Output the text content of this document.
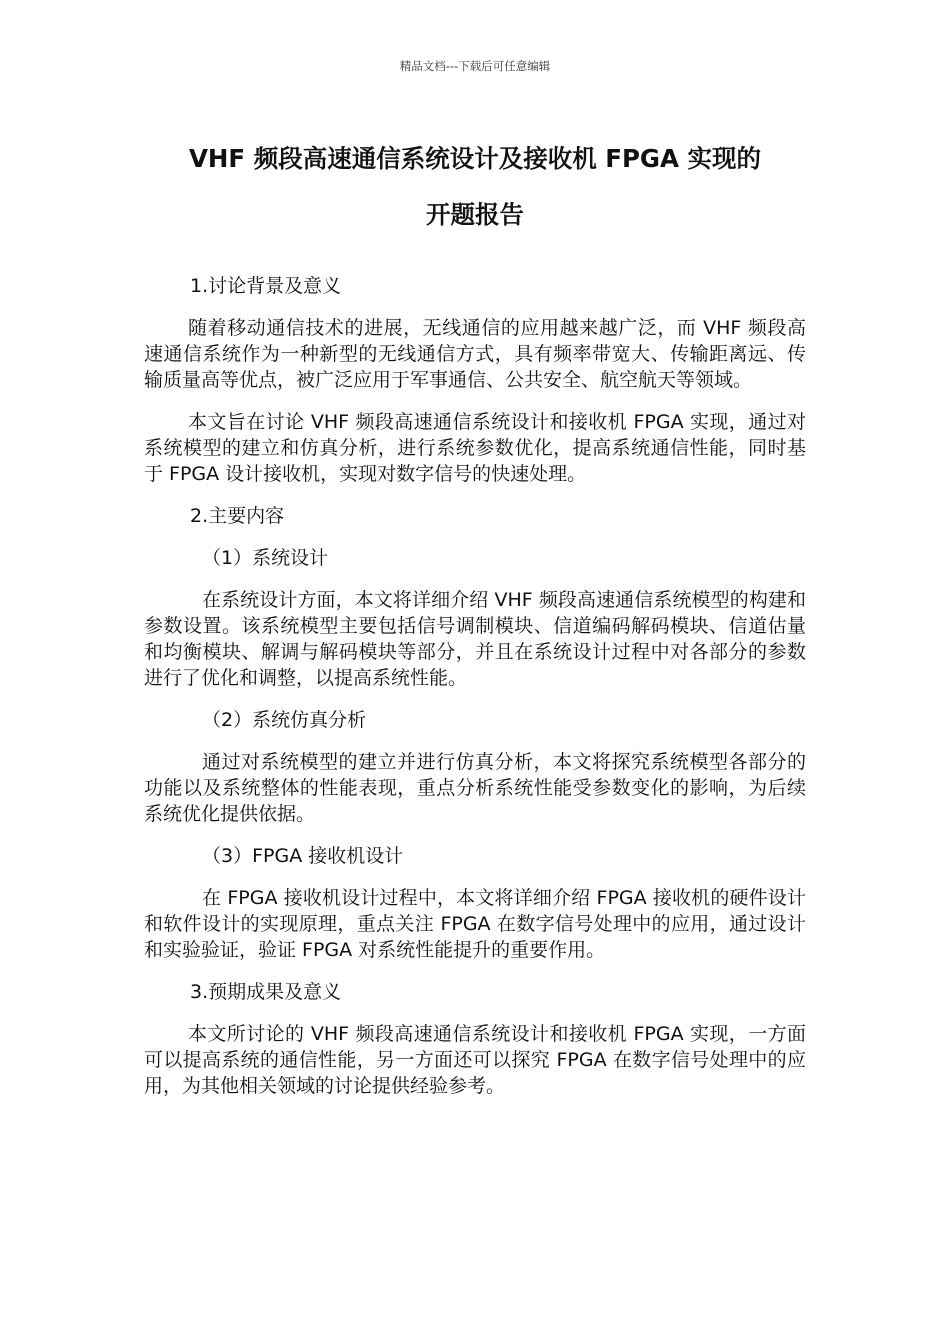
精品文档---下载后可任意编辑
VHF 频段高速通信系统设计及接收机 FPGA 实现的
开题报告

1.讨论背景及意义

随着移动通信技术的进展，无线通信的应用越来越广泛，而 VHF 频段高速通信系统作为一种新型的无线通信方式，具有频率带宽大、传输距离远、传输质量高等优点，被广泛应用于军事通信、公共安全、航空航天等领域。

本文旨在讨论 VHF 频段高速通信系统设计和接收机 FPGA 实现，通过对系统模型的建立和仿真分析，进行系统参数优化，提高系统通信性能，同时基于 FPGA 设计接收机，实现对数字信号的快速处理。

2.主要内容

（1）系统设计

在系统设计方面，本文将详细介绍 VHF 频段高速通信系统模型的构建和参数设置。该系统模型主要包括信号调制模块、信道编码解码模块、信道估量和均衡模块、解调与解码模块等部分，并且在系统设计过程中对各部分的参数进行了优化和调整，以提高系统性能。

（2）系统仿真分析

通过对系统模型的建立并进行仿真分析，本文将探究系统模型各部分的功能以及系统整体的性能表现，重点分析系统性能受参数变化的影响，为后续系统优化提供依据。

（3）FPGA 接收机设计

在 FPGA 接收机设计过程中，本文将详细介绍 FPGA 接收机的硬件设计和软件设计的实现原理，重点关注 FPGA 在数字信号处理中的应用，通过设计和实验验证，验证 FPGA 对系统性能提升的重要作用。

3.预期成果及意义

本文所讨论的 VHF 频段高速通信系统设计和接收机 FPGA 实现，一方面可以提高系统的通信性能，另一方面还可以探究 FPGA 在数字信号处理中的应用，为其他相关领域的讨论提供经验参考。
